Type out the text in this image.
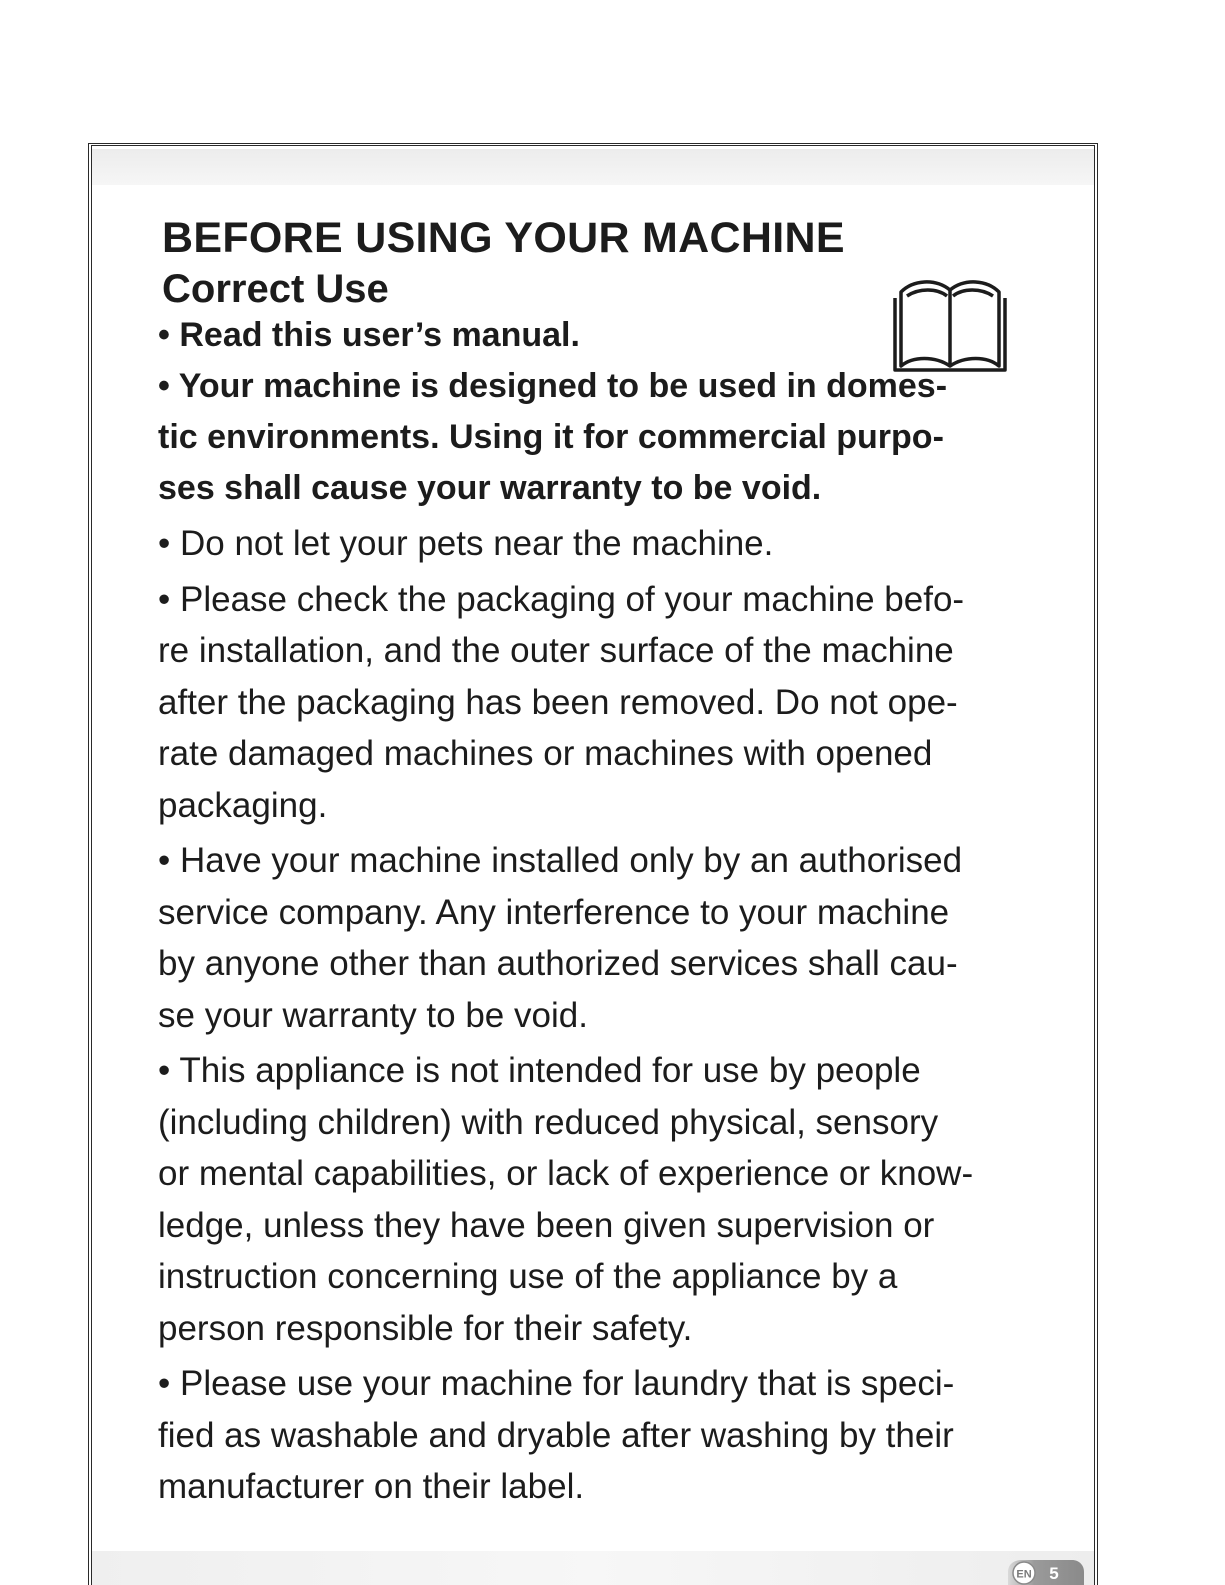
BEFORE USING YOUR MACHINE
Correct Use

• Read this user’s manual.

• Your machine is designed to be used in domes-
tic environments. Using it for commercial purpo-
ses shall cause your warranty to be void.

• Do not let your pets near the machine.

• Please check the packaging of your machine befo-
re installation, and the outer surface of the machine
after the packaging has been removed. Do not ope-
rate damaged machines or machines with opened
packaging.

• Have your machine installed only by an authorised
service company. Any interference to your machine
by anyone other than authorized services shall cau-
se your warranty to be void.

• This appliance is not intended for use by people
(including children) with reduced physical, sensory
or mental capabilities, or lack of experience or know-
ledge, unless they have been given supervision or
instruction concerning use of the appliance by a
person responsible for their safety.

• Please use your machine for laundry that is speci-
fied as washable and dryable after washing by their
manufacturer on their label.

EN 5
